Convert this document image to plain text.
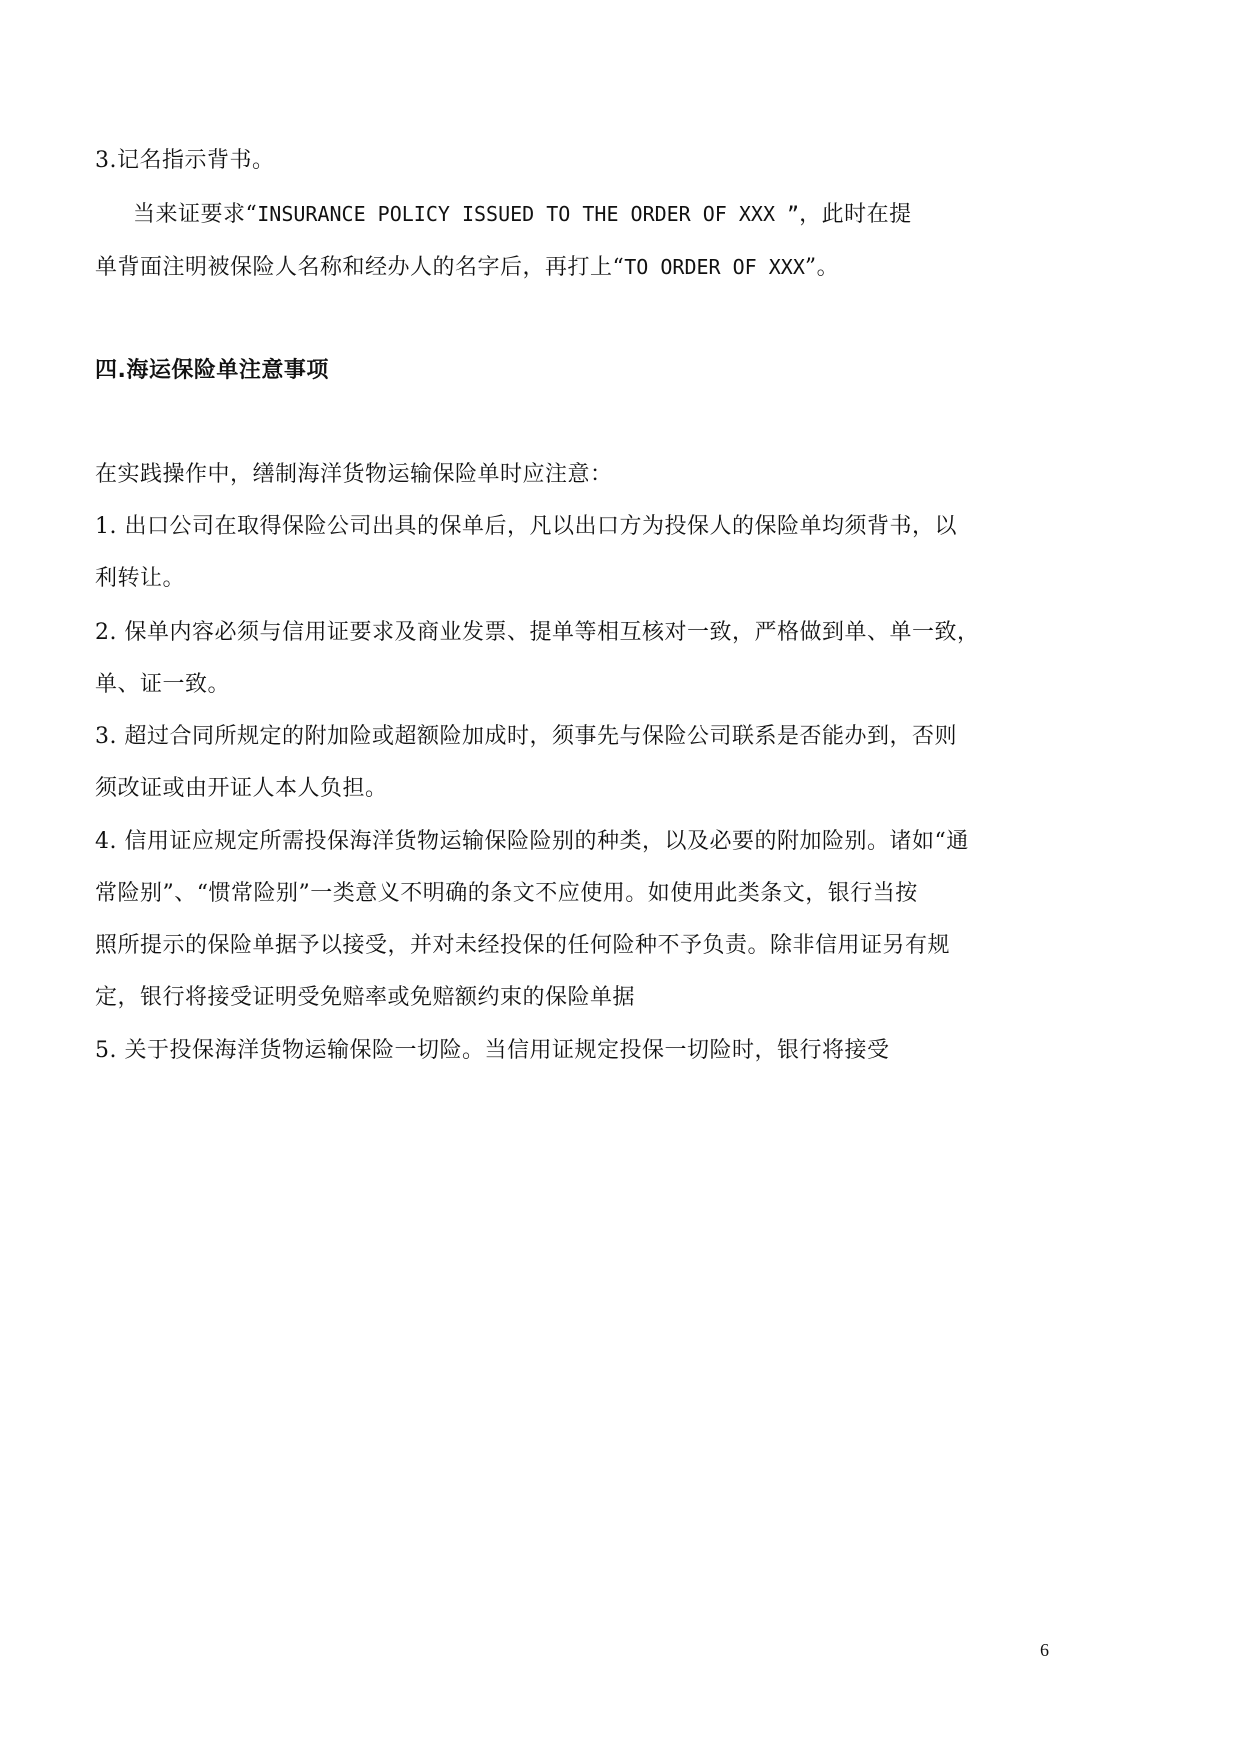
3.记名指示背书。
当来证要求“INSURANCE POLICY ISSUED TO THE ORDER OF XXX ”，此时在提
单背面注明被保险人名称和经办人的名字后，再打上“TO ORDER OF XXX”。
四.海运保险单注意事项
在实践操作中，缮制海洋货物运输保险单时应注意：
1. 出口公司在取得保险公司出具的保单后，凡以出口方为投保人的保险单均须背书，以
利转让。
2. 保单内容必须与信用证要求及商业发票、提单等相互核对一致，严格做到单、单一致，
单、证一致。
3. 超过合同所规定的附加险或超额险加成时，须事先与保险公司联系是否能办到，否则
须改证或由开证人本人负担。
4. 信用证应规定所需投保海洋货物运输保险险别的种类，以及必要的附加险别。诸如“通
常险别”、“惯常险别”一类意义不明确的条文不应使用。如使用此类条文，银行当按
照所提示的保险单据予以接受，并对未经投保的任何险种不予负责。除非信用证另有规
定，银行将接受证明受免赔率或免赔额约束的保险单据
5. 关于投保海洋货物运输保险一切险。当信用证规定投保一切险时，银行将接受
6
